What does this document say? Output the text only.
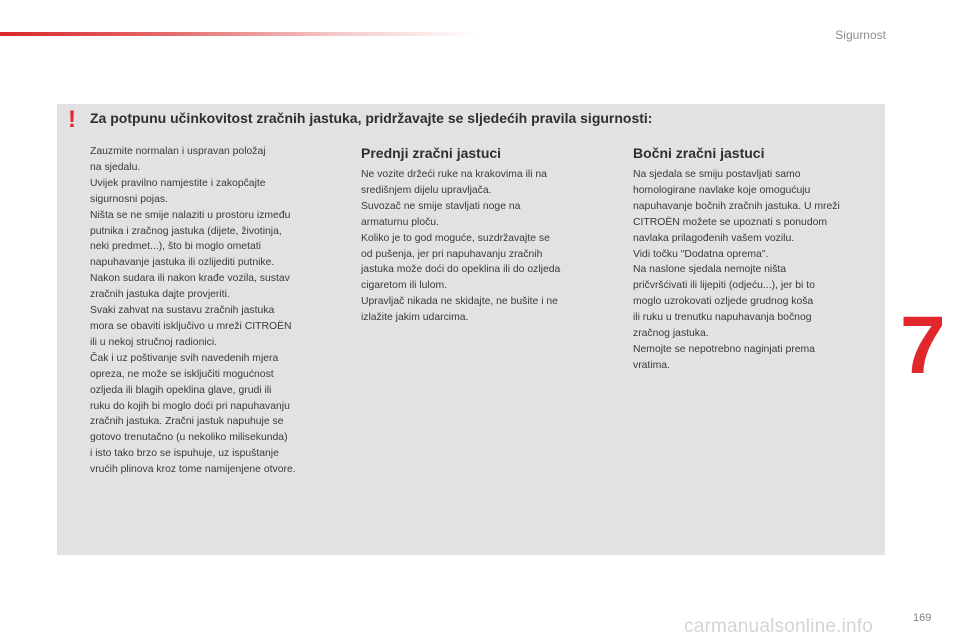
Sigurnost
! Za potpunu učinkovitost zračnih jastuka, pridržavajte se sljedećih pravila sigurnosti:

Zauzmite normalan i uspravan položaj
na sjedalu.
Uvijek pravilno namjestite i zakopčajte
sigurnosni pojas.
Ništa se ne smije nalaziti u prostoru između
putnika i zračnog jastuka (dijete, životinja,
neki predmet...), što bi moglo ometati
napuhavanje jastuka ili ozlijediti putnike.
Nakon sudara ili nakon krađe vozila, sustav
zračnih jastuka dajte provjeriti.
Svaki zahvat na sustavu zračnih jastuka
mora se obaviti isključivo u mreži CITROËN
ili u nekoj stručnoj radionici.
Čak i uz poštivanje svih navedenih mjera
opreza, ne može se isključiti mogućnost
ozljeda ili blagih opeklina glave, grudi ili
ruku do kojih bi moglo doći pri napuhavanju
zračnih jastuka. Zračni jastuk napuhuje se
gotovo trenutačno (u nekoliko milisekunda)
i isto tako brzo se ispuhuje, uz ispuštanje
vrućih plinova kroz tome namijenjene otvore.

Prednji zračni jastuci

Ne vozite držeći ruke na krakovima ili na
središnjem dijelu upravljača.
Suvozač ne smije stavljati noge na
armaturnu ploču.
Koliko je to god moguće, suzdržavajte se
od pušenja, jer pri napuhavanju zračnih
jastuka može doći do opeklina ili do ozljeda
cigaretom ili lulom.
Upravljač nikada ne skidajte, ne bušite i ne
izlažite jakim udarcima.

Bočni zračni jastuci

Na sjedala se smiju postavljati samo
homologirane navlake koje omogućuju
napuhavanje bočnih zračnih jastuka. U mreži
CITROËN možete se upoznati s ponudom
navlaka prilagođenih vašem vozilu.
Vidi točku "Dodatna oprema".
Na naslone sjedala nemojte ništa
pričvršćivati ili lijepiti (odjeću...), jer bi to
moglo uzrokovati ozljede grudnog koša
ili ruku u trenutku napuhavanja bočnog
zračnog jastuka.
Nemojte se nepotrebno naginjati prema
vratima.	7
carmanualsonline.info	169
